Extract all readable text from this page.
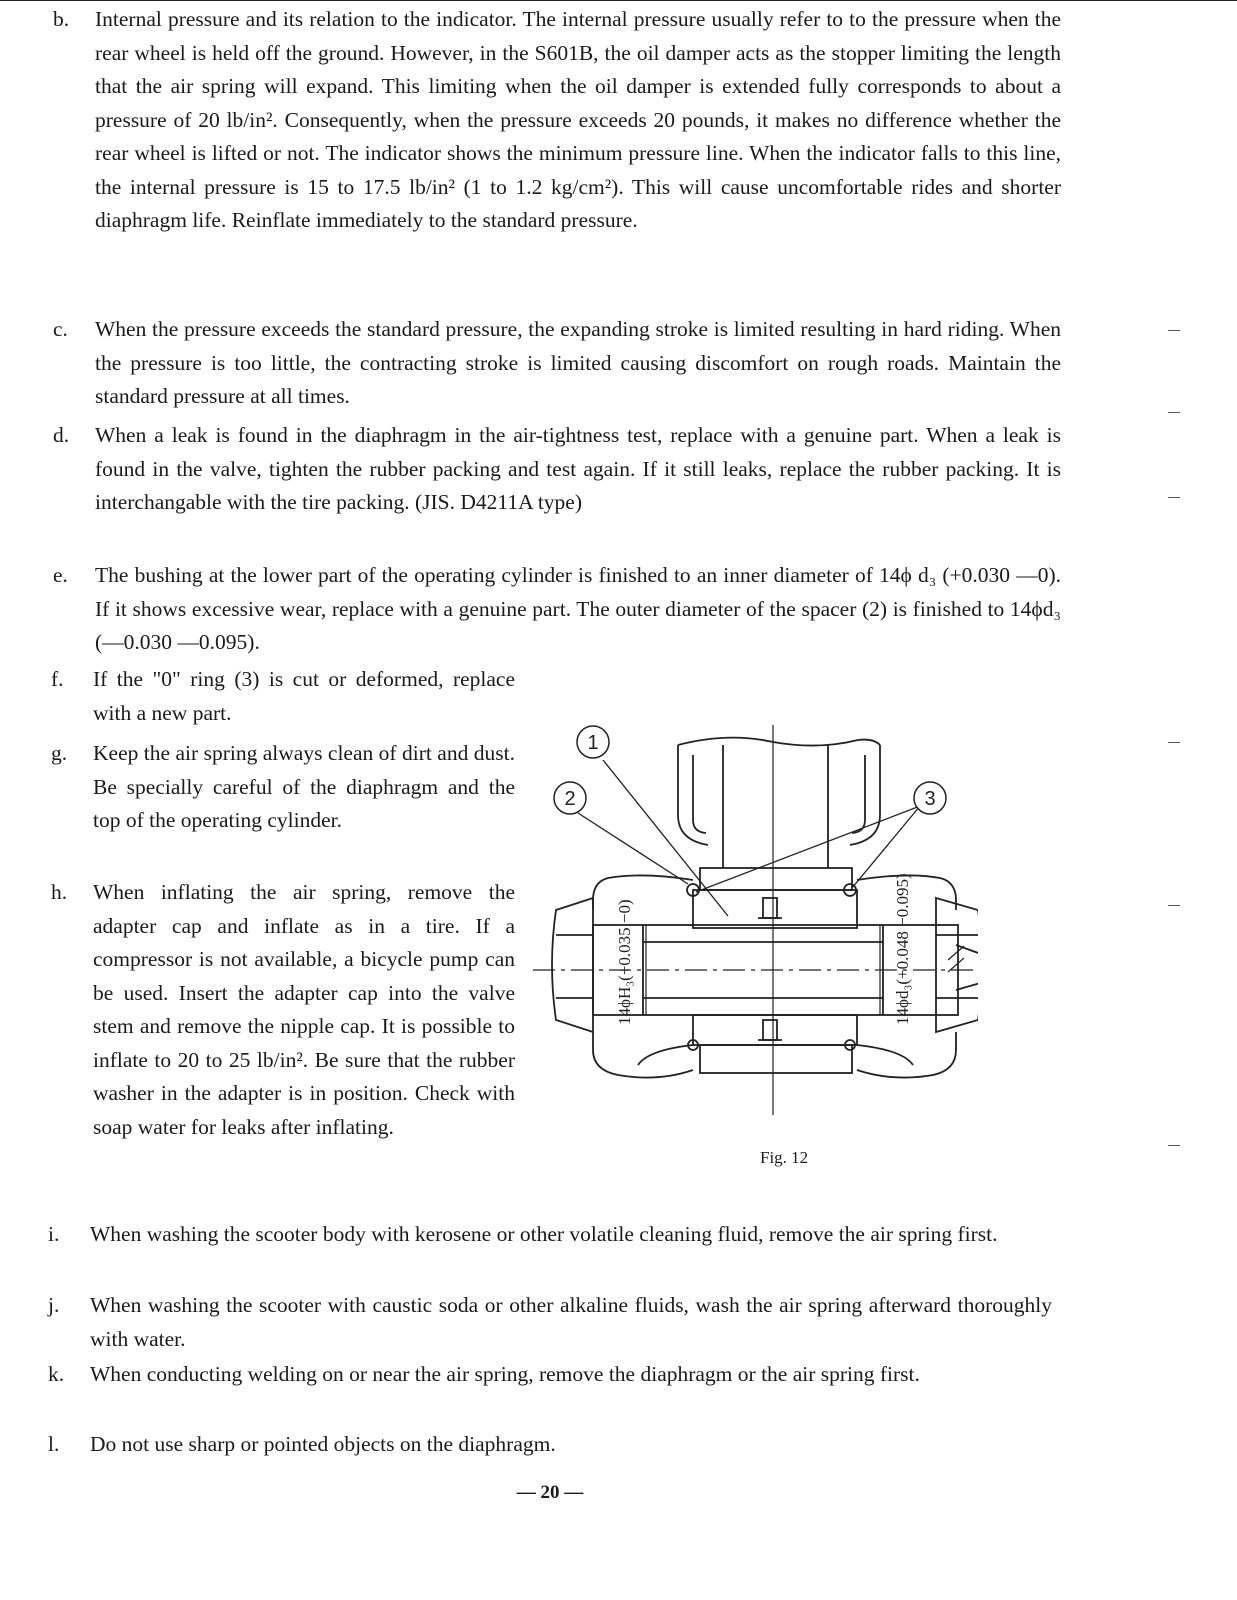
b.	Internal pressure and its relation to the indicator. The internal pressure usually refer to to the pressure when the rear wheel is held off the ground. However, in the S601B, the oil damper acts as the stopper limiting the length that the air spring will expand. This limiting when the oil damper is extended fully corresponds to about a pressure of 20 lb/in². Consequently, when the pressure exceeds 20 pounds, it makes no difference whether the rear wheel is lifted or not. The indicator shows the minimum pressure line. When the indicator falls to this line, the internal pressure is 15 to 17.5 lb/in² (1 to 1.2 kg/cm²). This will cause uncomfortable rides and shorter diaphragm life. Reinflate immediately to the standard pressure.
c.	When the pressure exceeds the standard pressure, the expanding stroke is limited resulting in hard riding. When the pressure is too little, the contracting stroke is limited causing discomfort on rough roads. Maintain the standard pressure at all times.
d.	When a leak is found in the diaphragm in the air-tightness test, replace with a genuine part. When a leak is found in the valve, tighten the rubber packing and test again. If it still leaks, replace the rubber packing. It is interchangable with the tire packing. (JIS. D4211A type)
e.	The bushing at the lower part of the operating cylinder is finished to an inner diameter of 14ϕ d₃ (+0.030 —0). If it shows excessive wear, replace with a genuine part. The outer diameter of the spacer (2) is finished to 14ϕd₃ (—0.030 —0.095).
f.	If the "0" ring (3) is cut or deformed, replace with a new part.
g.	Keep the air spring always clean of dirt and dust. Be specially careful of the diaphragm and the top of the operating cylinder.
h.	When inflating the air spring, remove the adapter cap and inflate as in a tire. If a compressor is not available, a bicycle pump can be used. Insert the adapter cap into the valve stem and remove the nipple cap. It is possible to inflate to 20 to 25 lb/in². Be sure that the rubber washer in the adapter is in position. Check with soap water for leaks after inflating.
i.	When washing the scooter body with kerosene or other volatile cleaning fluid, remove the air spring first.
j.	When washing the scooter with caustic soda or other alkaline fluids, wash the air spring afterward thoroughly with water.
k.	When conducting welding on or near the air spring, remove the diaphragm or the air spring first.
l.	Do not use sharp or pointed objects on the diaphragm.
1
2	3
14ϕH₃(+0.035 −0)	14ϕd₃(+0.048 −0.095)
Fig. 12
— 20 —
